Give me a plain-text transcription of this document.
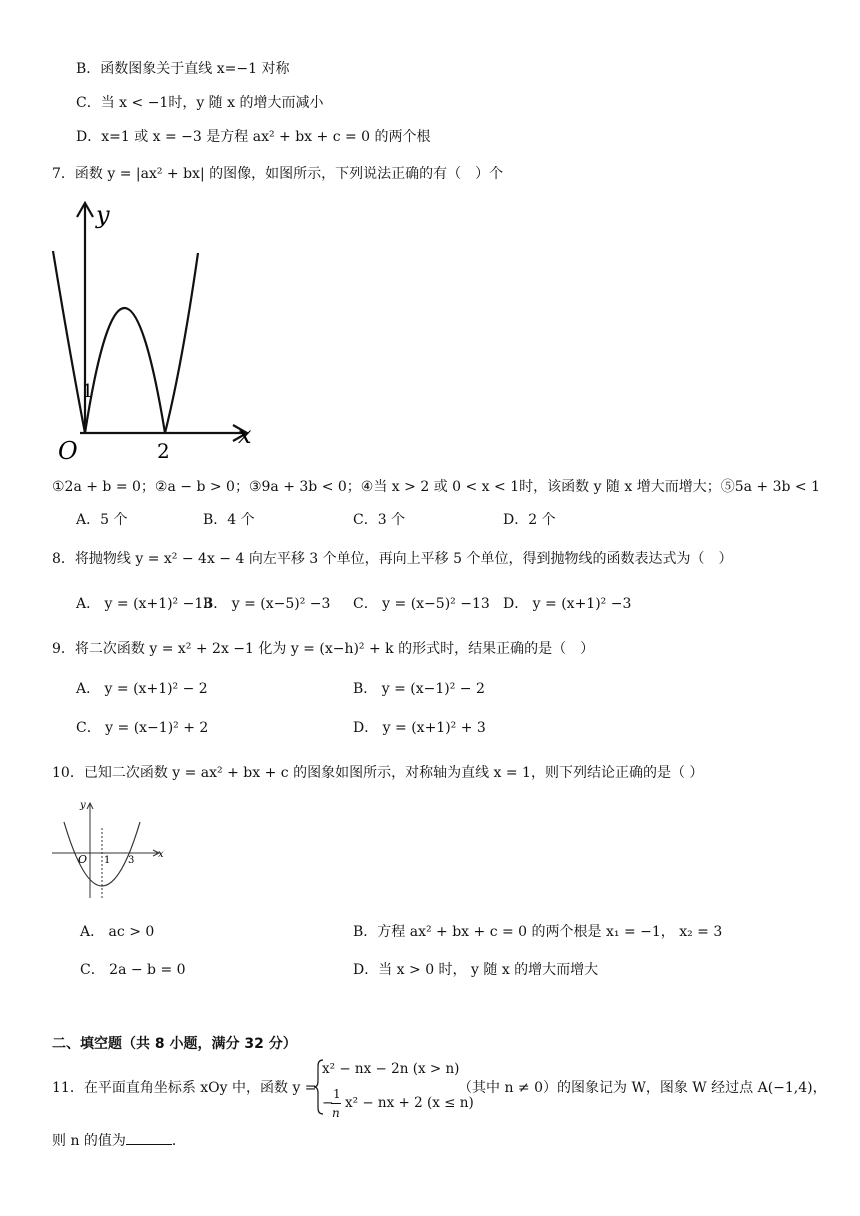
B．函数图象关于直线 x=−1 对称
C．当 x < −1时，y 随 x 的增大而减小
D．x=1 或 x = −3 是方程 ax² + bx + c = 0 的两个根
7．函数 y = |ax² + bx| 的图像，如图所示，下列说法正确的有（　）个
y
x
O
1
2
①2a + b = 0；②a − b > 0；③9a + 3b < 0；④当 x > 2 或 0 < x < 1时，该函数 y 随 x 增大而增大；⑤5a + 3b < 1
A．5 个	B．4 个	C．3 个	D．2 个
8．将抛物线 y = x² − 4x − 4 向左平移 3 个单位，再向上平移 5 个单位，得到抛物线的函数表达式为（　）
A． y = (x+1)² −13
B． y = (x−5)² −3 C． y = (x−5)² −13 D． y = (x+1)² −3
9．将二次函数 y = x² + 2x −1 化为 y = (x−h)² + k 的形式时，结果正确的是（　）
A． y = (x+1)² − 2	B． y = (x−1)² − 2
C． y = (x−1)² + 2	D． y = (x+1)² + 3
10．已知二次函数 y = ax² + bx + c 的图象如图所示，对称轴为直线 x = 1，则下列结论正确的是（ ）
y
x
O 1 3
A． ac > 0	B．方程 ax² + bx + c = 0 的两个根是 x₁ = −1， x₂ = 3
C． 2a − b = 0	D．当 x > 0 时， y 随 x 的增大而增大
二、填空题（共 8 小题，满分 32 分）
11．在平面直角坐标系 xOy 中，函数 y =
x² − nx − 2n (x > n)
−
1
n
x² − nx + 2 (x ≤ n)
（其中 n ≠ 0）的图象记为 W，图象 W 经过点 A(−1,4)，
则 n 的值为	．
